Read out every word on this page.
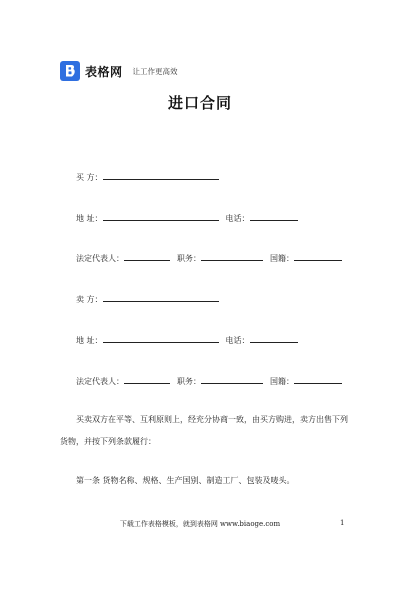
表格网 让工作更高效
进口合同
买 方：
地 址：	电话：
法定代表人：	职务：	国籍：
卖 方：
地 址：	电话：
法定代表人：	职务：	国籍：
买卖双方在平等、互利原则上，经充分协商一致，由买方购进，卖方出售下列货物，并按下列条款履行：
第一条 货物名称、规格、生产国别、制造工厂、包装及唛头。
下载工作表格模板，就到表格网 www.biaoge.com	1
